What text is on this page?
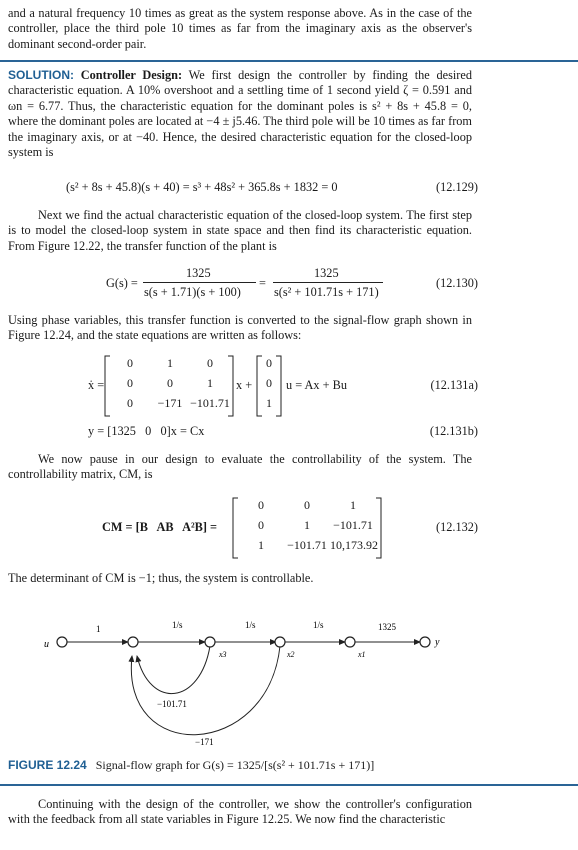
and a natural frequency 10 times as great as the system response above. As in the case of the controller, place the third pole 10 times as far from the imaginary axis as the observer's dominant second-order pair.
SOLUTION: Controller Design: We first design the controller by finding the desired characteristic equation. A 10% overshoot and a settling time of 1 second yield ζ = 0.591 and ωn = 6.77. Thus, the characteristic equation for the dominant poles is s² + 8s + 45.8 = 0, where the dominant poles are located at −4 ± j5.46. The third pole will be 10 times as far from the imaginary axis, or at −40. Hence, the desired characteristic equation for the closed-loop system is
(s² + 8s + 45.8)(s + 40) = s³ + 48s² + 365.8s + 1832 = 0	(12.129)
Next we find the actual characteristic equation of the closed-loop system. The first step is to model the closed-loop system in state space and then find its characteristic equation. From Figure 12.22, the transfer function of the plant is
G(s) =
1325
s(s + 1.71)(s + 100)
=
1325
s(s² + 101.71s + 171)
(12.130)
Using phase variables, this transfer function is converted to the signal-flow graph shown in Figure 12.24, and the state equations are written as follows:
ẋ =
0	1	0
0	0	1
0	−171 −101.71
x +
0
0
1
u = Ax + Bu	(12.131a)
y = [1325   0   0]x = Cx	(12.131b)
We now pause in our design to evaluate the controllability of the system. The controllability matrix, CM, is
CM = [B   AB   A²B] =
0	0	1
0	1	−101.71
1	−101.71 10,173.92
(12.132)
The determinant of CM is −1; thus, the system is controllable.
u	y
1	1/s	1/s	1/s	1325
x3	x2	x1
−101.71
−171
FIGURE 12.24 Signal-flow graph for G(s) = 1325/[s(s² + 101.71s + 171)]
Continuing with the design of the controller, we show the controller's configuration with the feedback from all state variables in Figure 12.25. We now find the characteristic
